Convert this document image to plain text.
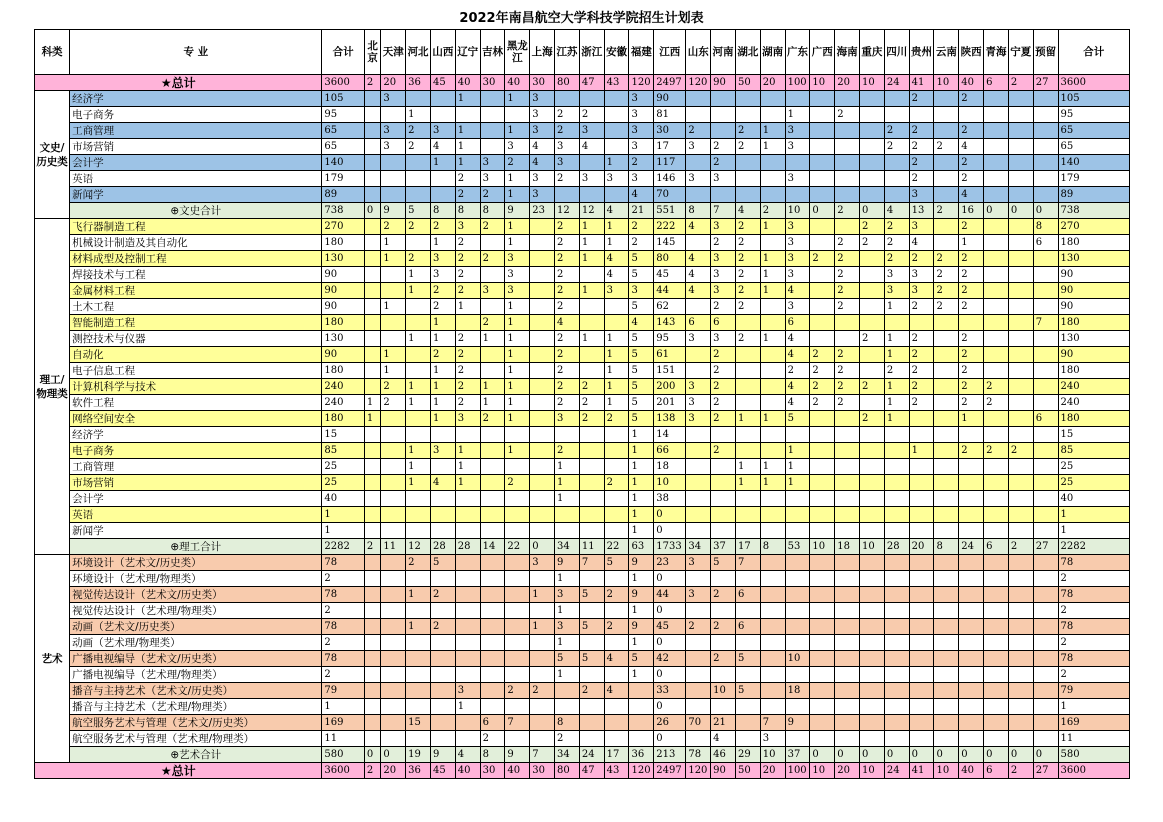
2022年南昌航空大学科技学院招生计划表
科类	专 业	合计	北京	天津	河北	山西	辽宁	吉林	黑龙江	上海	江苏	浙江	安徽	福建	江西	山东	河南	湖北	湖南	广东	广西	海南	重庆	四川	贵州	云南	陕西	青海	宁夏	预留	合计
★总计		3600	2	20	36	45	40	30	40	30	80	47	43	120	2497	120	90	50	20	100	10	20	10	24	41	10	40	6	2	27	3600
文史/历史类	经济学	105		3			1		1	3				3	90										2		2				105
	电子商务	95			1					3	2	2		3	81					1		2									95
	工商管理	65		3	2	3	1		1	3	2	3		3	30	2		2	1	3				2	2		2				65
	市场营销	65		3	2	4	1		3	4	3	4		3	17	3	2	2	1	3				2	2	2	4				65
	会计学	140				1	1	3	2	4	3		1	2	117		2								2		2				140
	英语	179					2	3	1	3	2	3	3	3	146	3	3			3					2		2				179
	新闻学	89					2	2	1	3				4	70										3		4				89
	⊕文史合计	738	0	9	5	8	8	8	9	23	12	12	4	21	551	8	7	4	2	10	0	2	0	4	13	2	16	0	0	0	738
理工/物理类	飞行器制造工程	270		2	2	2	3	2	1		2	1	1	2	222	4	3	2	1	3			2	2	3		2			8	270
	机械设计制造及其自动化	180		1		1	2		1		2	1	1	2	145		2	2		3		2	2	2	4		1			6	180
	材料成型及控制工程	130		1	2	3	2	2	3		2	1	4	5	80	4	3	2	1	3	2	2		2	2	2	2				130
	焊接技术与工程	90			1	3	2		3		2		4	5	45	4	3	2	1	3		2		3	3	2	2				90
	金属材料工程	90			1	2	2	3	3		2	1	3	3	44	4	3	2	1	4		2		3	3	2	2				90
	土木工程	90		1		2	1		1		2			5	62		2	2		3		2		1	2	2	2				90
	智能制造工程	180				1		2	1		4			4	143	6	6			6										7	180
	测控技术与仪器	130			1	1	2	1	1		2	1	1	5	95	3	3	2	1	4			2	1	2		2				130
	自动化	90		1		2	2		1		2		1	5	61		2			4	2	2		1	2		2				90
	电子信息工程	180		1		1	2		1		2		1	5	151		2			2	2	2		2	2		2				180
	计算机科学与技术	240		2	1	1	2	1	1		2	2	1	5	200	3	2			4	2	2	2	1	2		2	2			240
	软件工程	240	1	2	1	1	2	1	1		2	2	1	5	201	3	2			4	2	2		1	2		2	2			240
	网络空间安全	180	1			1	3	2	1		3	2	2	5	138	3	2	1	1	5			2	1			1			6	180
	经济学	15												1	14																15
	电子商务	85			1	3	1		1		2			1	66		2			1					1		2	2	2		85
	工商管理	25			1		1				1			1	18			1	1	1											25
	市场营销	25			1	4	1		2		1		2	1	10			1	1	1											25
	会计学	40									1			1	38																40
	英语	1												1	0																1
	新闻学	1												1	0																1
	⊕理工合计	2282	2	11	12	28	28	14	22	0	34	11	22	63	1733	34	37	17	8	53	10	18	10	28	20	8	24	6	2	27	2282
艺术	环境设计（艺术文/历史类）	78			2	5				3	9	7	5	9	23	3	5	7													78
	环境设计（艺术理/物理类）	2									1			1	0																2
	视觉传达设计（艺术文/历史类）	78			1	2				1	3	5	2	9	44	3	2	6													78
	视觉传达设计（艺术理/物理类）	2									1			1	0																2
	动画（艺术文/历史类）	78			1	2				1	3	5	2	9	45	2	2	6													78
	动画（艺术理/物理类）	2									1			1	0																2
	广播电视编导（艺术文/历史类）	78									5	5	4	5	42		2	5		10											78
	广播电视编导（艺术理/物理类）	2									1			1	0																2
	播音与主持艺术（艺术文/历史类）	79					3		2	2		2	4		33		10	5		18											79
	播音与主持艺术（艺术理/物理类）	1					1								0																1
	航空服务艺术与管理（艺术文/历史类）	169			15			6	7		8				26	70	21		7	9											169
	航空服务艺术与管理（艺术理/物理类）	11						2			2				0		4		3												11
	⊕艺术合计	580	0	0	19	9	4	8	9	7	34	24	17	36	213	78	46	29	10	37	0	0	0	0	0	0	0	0	0	0	580
★总计		3600	2	20	36	45	40	30	40	30	80	47	43	120	2497	120	90	50	20	100	10	20	10	24	41	10	40	6	2	27	3600
